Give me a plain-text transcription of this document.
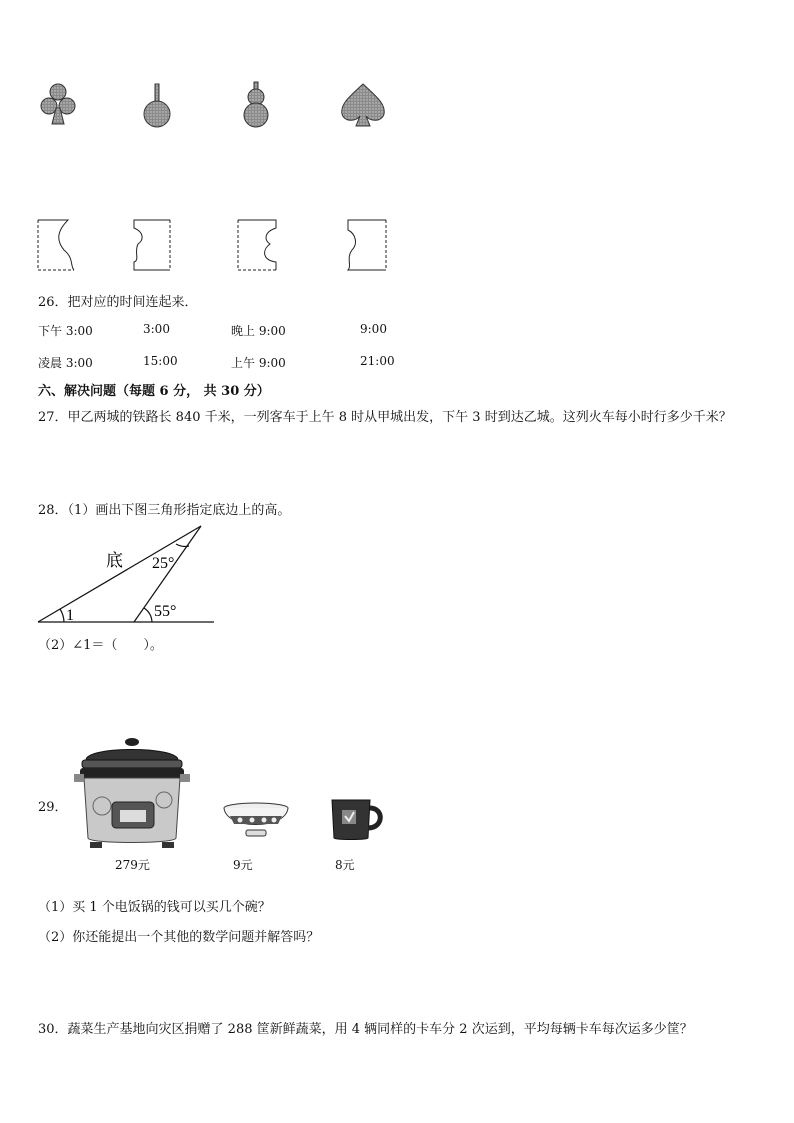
26．把对应的时间连起来．
下午 3:00	3:00	晚上 9:00	9:00
凌晨 3:00	15:00	上午 9:00	21:00
六、解决问题（每题 6 分， 共 30 分）
27．甲乙两城的铁路长 840 千米，一列客车于上午 8 时从甲城出发，下午 3 时到达乙城。这列火车每小时行多少千米？
28．（1）画出下图三角形指定底边上的高。
底 25°
55°
1
（2）∠1＝（　　）。
29．
279元	9元	8元
（1）买 1 个电饭锅的钱可以买几个碗？
（2）你还能提出一个其他的数学问题并解答吗？
30．蔬菜生产基地向灾区捐赠了 288 筐新鲜蔬菜，用 4 辆同样的卡车分 2 次运到，平均每辆卡车每次运多少筐？
